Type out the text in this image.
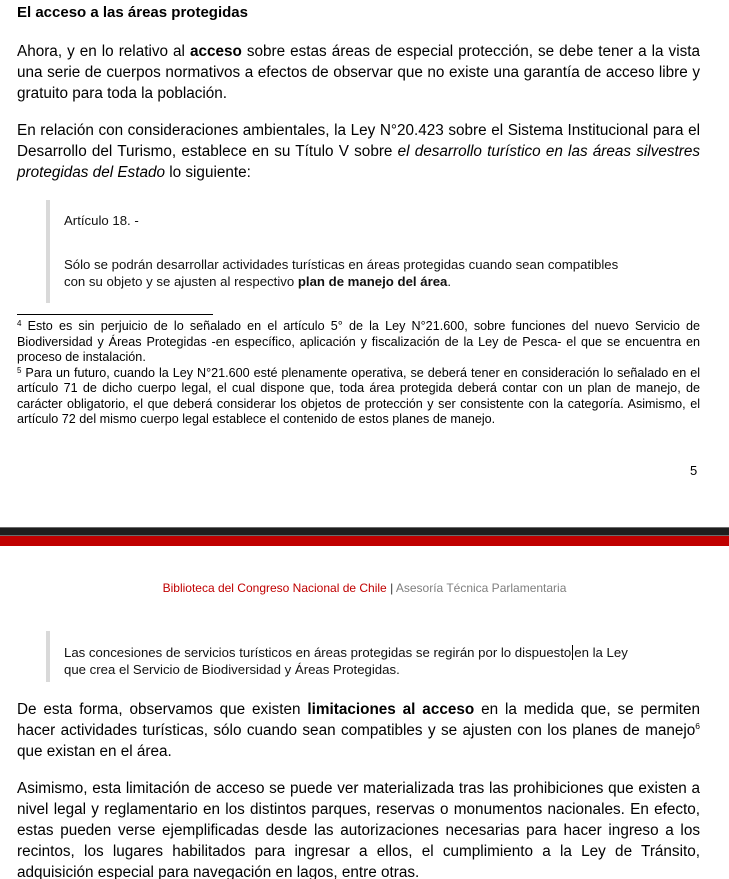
El acceso a las áreas protegidas

Ahora, y en lo relativo al acceso sobre estas áreas de especial protección, se debe tener a la vista una serie de cuerpos normativos a efectos de observar que no existe una garantía de acceso libre y gratuito para toda la población.

En relación con consideraciones ambientales, la Ley N°20.423 sobre el Sistema Institucional para el Desarrollo del Turismo, establece en su Título V sobre el desarrollo turístico en las áreas silvestres protegidas del Estado lo siguiente:

Artículo 18. -
Sólo se podrán desarrollar actividades turísticas en áreas protegidas cuando sean compatibles
con su objeto y se ajusten al respectivo plan de manejo del área.

$^4$ Esto es sin perjuicio de lo señalado en el artículo 5° de la Ley N°21.600, sobre funciones del nuevo Servicio de Biodiversidad y Áreas Protegidas -en específico, aplicación y fiscalización de la Ley de Pesca- el que se encuentra en proceso de instalación.

$^5$ Para un futuro, cuando la Ley N°21.600 esté plenamente operativa, se deberá tener en consideración lo señalado en el artículo 71 de dicho cuerpo legal, el cual dispone que, toda área protegida deberá contar con un plan de manejo, de carácter obligatorio, el que deberá considerar los objetos de protección y ser consistente con la categoría. Asimismo, el artículo 72 del mismo cuerpo legal establece el contenido de estos planes de manejo.

5
Biblioteca del Congreso Nacional de Chile | Asesoría Técnica Parlamentaria
Las concesiones de servicios turísticos en áreas protegidas se regirán por lo dispuesto en la Ley
que crea el Servicio de Biodiversidad y Áreas Protegidas.

De esta forma, observamos que existen limitaciones al acceso en la medida que, se permiten hacer actividades turísticas, sólo cuando sean compatibles y se ajusten con los planes de manejo$^6$ que existan en el área.

Asimismo, esta limitación de acceso se puede ver materializada tras las prohibiciones que existen a nivel legal y reglamentario en los distintos parques, reservas o monumentos nacionales. En efecto, estas pueden verse ejemplificadas desde las autorizaciones necesarias para hacer ingreso a los recintos, los lugares habilitados para ingresar a ellos, el cumplimiento a la Ley de Tránsito, adquisición especial para navegación en lagos, entre otras.
